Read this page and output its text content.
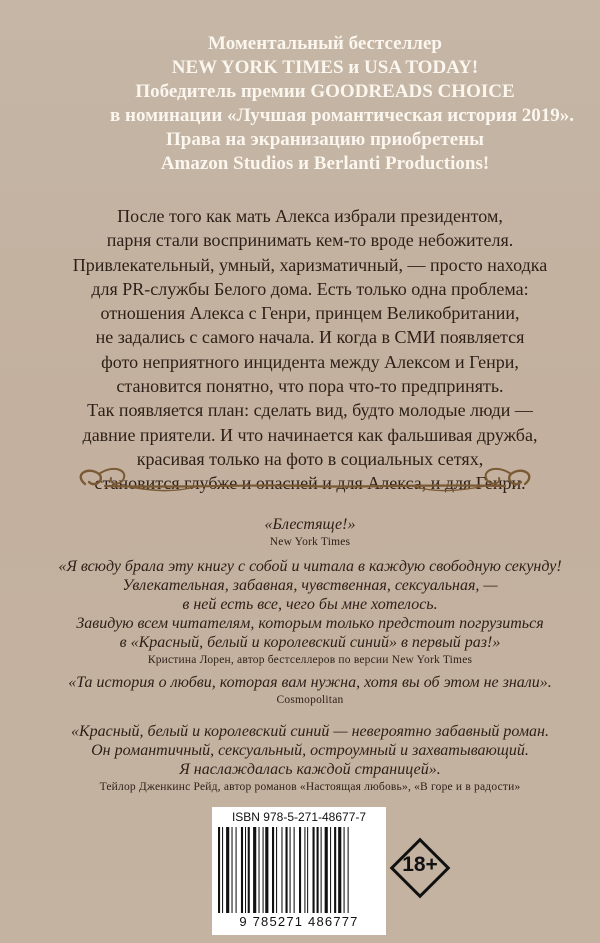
Моментальный бестселлер
NEW YORK TIMES и USA TODAY!
Победитель премии GOODREADS CHOICE
в номинации «Лучшая романтическая история 2019».
Права на экранизацию приобретены
Amazon Studios и Berlanti Productions!
После того как мать Алекса избрали президентом,
парня стали воспринимать кем-то вроде небожителя.
Привлекательный, умный, харизматичный, — просто находка
для PR-службы Белого дома. Есть только одна проблема:
отношения Алекса с Генри, принцем Великобритании,
не задались с самого начала. И когда в СМИ появляется
фото неприятного инцидента между Алексом и Генри,
становится понятно, что пора что-то предпринять.
Так появляется план: сделать вид, будто молодые люди —
давние приятели. И что начинается как фальшивая дружба,
красивая только на фото в социальных сетях,
становится глубже и опасней и для Алекса, и для Генри.
«Блестяще!»
New York Times
«Я всюду брала эту книгу с собой и читала в каждую свободную секунду!
Увлекательная, забавная, чувственная, сексуальная, —
в ней есть все, чего бы мне хотелось.
Завидую всем читателям, которым только предстоит погрузиться
в «Красный, белый и королевский синий» в первый раз!»
Кристина Лорен, автор бестселлеров по версии New York Times
«Та история о любви, которая вам нужна, хотя вы об этом не знали».
Cosmopolitan
«Красный, белый и королевский синий — невероятно забавный роман.
Он романтичный, сексуальный, остроумный и захватывающий.
Я наслаждалась каждой страницей».
Тейлор Дженкинс Рейд, автор романов «Настоящая любовь», «В горе и в радости»
ISBN 978-5-271-48677-7
9 785271 486777
18+
